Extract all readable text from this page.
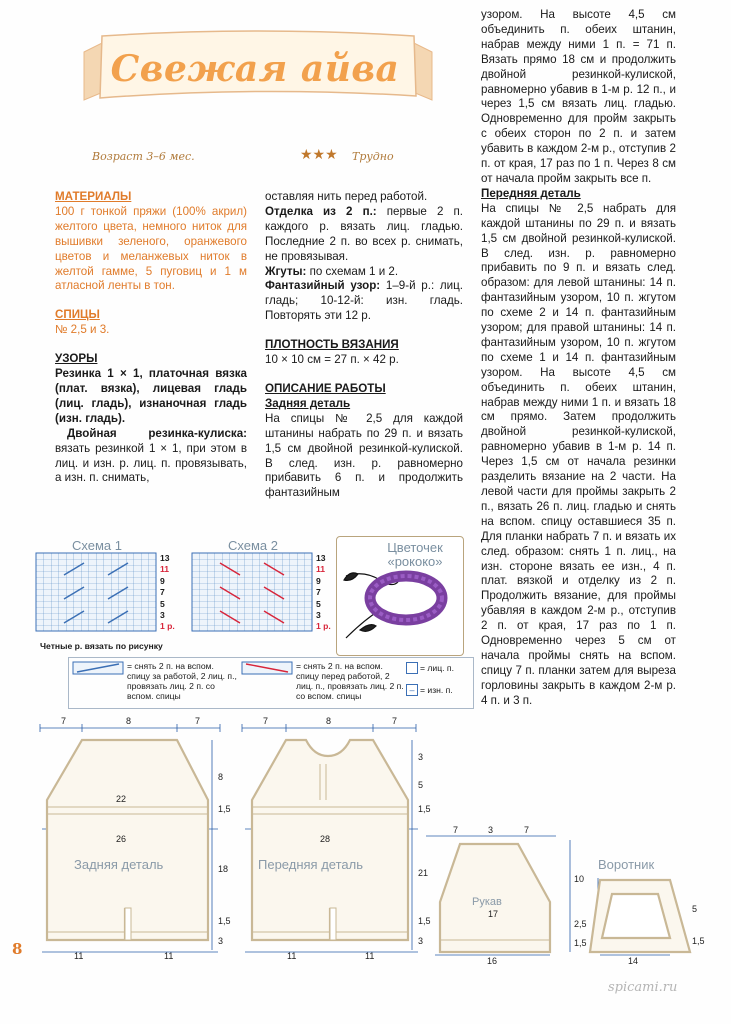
Свежая айва
Возраст 3–6 мес.	★★★ Трудно

МАТЕРИАЛЫ

100 г тонкой пряжи (100% акрил) желтого цвета, немного ниток для вышивки зеленого, оранжевого цветов и меланжевых ниток в желтой гамме, 5 пуговиц и 1 м атласной ленты в тон.

СПИЦЫ

№ 2,5 и 3.

УЗОРЫ

Резинка 1 × 1, платочная вязка (плат. вязка), лицевая гладь (лиц. гладь), изнаночная гладь (изн. гладь).

Двойная резинка-кулиска: вязать резинкой 1 × 1, при этом в лиц. и изн. р. лиц. п. провязывать, а изн. п. снимать,

оставляя нить перед работой.

Отделка из 2 п.: первые 2 п. каждого р. вязать лиц. гладью. Последние 2 п. во всех р. снимать, не провязывая.

Жгуты: по схемам 1 и 2.

Фантазийный узор: 1–9-й р.: лиц. гладь; 10-12-й: изн. гладь. Повторять эти 12 р.

ПЛОТНОСТЬ ВЯЗАНИЯ

10 × 10 см = 27 п. × 42 р.

ОПИСАНИЕ РАБОТЫ

Задняя деталь

На спицы № 2,5 для каждой штанины набрать по 29 п. и вязать 1,5 см двойной резинкой-кулиской. В след. изн. р. равномерно прибавить 6 п. и продолжить фантазийным

узором. На высоте 4,5 см объединить п. обеих штанин, набрав между ними 1 п. = 71 п. Вязать прямо 18 см и продолжить двойной резинкой-кулиской, равномерно убавив в 1-м р. 12 п., и через 1,5 см вязать лиц. гладью. Одновременно для пройм закрыть с обеих сторон по 2 п. и затем убавить в каждом 2-м р., отступив 2 п. от края, 17 раз по 1 п. Через 8 см от начала пройм закрыть все п.

Передняя деталь

На спицы № 2,5 набрать для каждой штанины по 29 п. и вязать 1,5 см двойной резинкой-кулиской. В след. изн. р. равномерно прибавить по 9 п. и вязать след. образом: для левой штанины: 14 п. фантазийным узором, 10 п. жгутом по схеме 2 и 14 п. фантазийным узором; для правой штанины: 14 п. фантазийным узором, 10 п. жгутом по схеме 1 и 14 п. фантазийным узором. На высоте 4,5 см объединить п. обеих штанин, набрав между ними 1 п. и вязать 18 см прямо. Затем продолжить двойной резинкой-кулиской, равномерно убавив в 1-м р. 14 п. Через 1,5 см от начала резинки разделить вязание на 2 части. На левой части для проймы закрыть 2 п., вязать 26 п. лиц. гладью и снять на вспом. спицу оставшиеся 35 п. Для планки набрать 7 п. и вязать их след. образом: снять 1 п. лиц., на изн. стороне вязать ее изн., 4 п. плат. вязкой и отделку из 2 п. Продолжить вязание, для проймы убавляя в каждом 2-м р., отступив 2 п. от края, 17 раз по 1 п. Одновременно через 5 см от начала проймы снять на вспом. спицу 7 п. планки затем для выреза горловины закрыть в каждом 2-м р. 4 п. и 3 п.

Схема 1
13
11
9
7
5
3
1 р.
Схема 2
13
11
9
7
5
3
1 р.
Четные р. вязать по рисунку
Цветочек «рококо»
= снять 2 п. на вспом. спицу за работой, 2 лиц. п., провязать лиц. 2 п. со вспом. спицы
= снять 2 п. на вспом. спицу перед работой, 2 лиц. п., провязать лиц. 2 п. со вспом. спицы
= лиц. п.
– = изн. п.
7	8	7
22
26
11	11
7	8	7
28
11	11
7	3	7
17
16	14
8
1,5
18
1,5
3
3
5
1,5
21
1,5
3
10
2,5
1,5
5
1,5
Задняя деталь	Передняя деталь
Рукав
Воротник
8
spicami.ru
